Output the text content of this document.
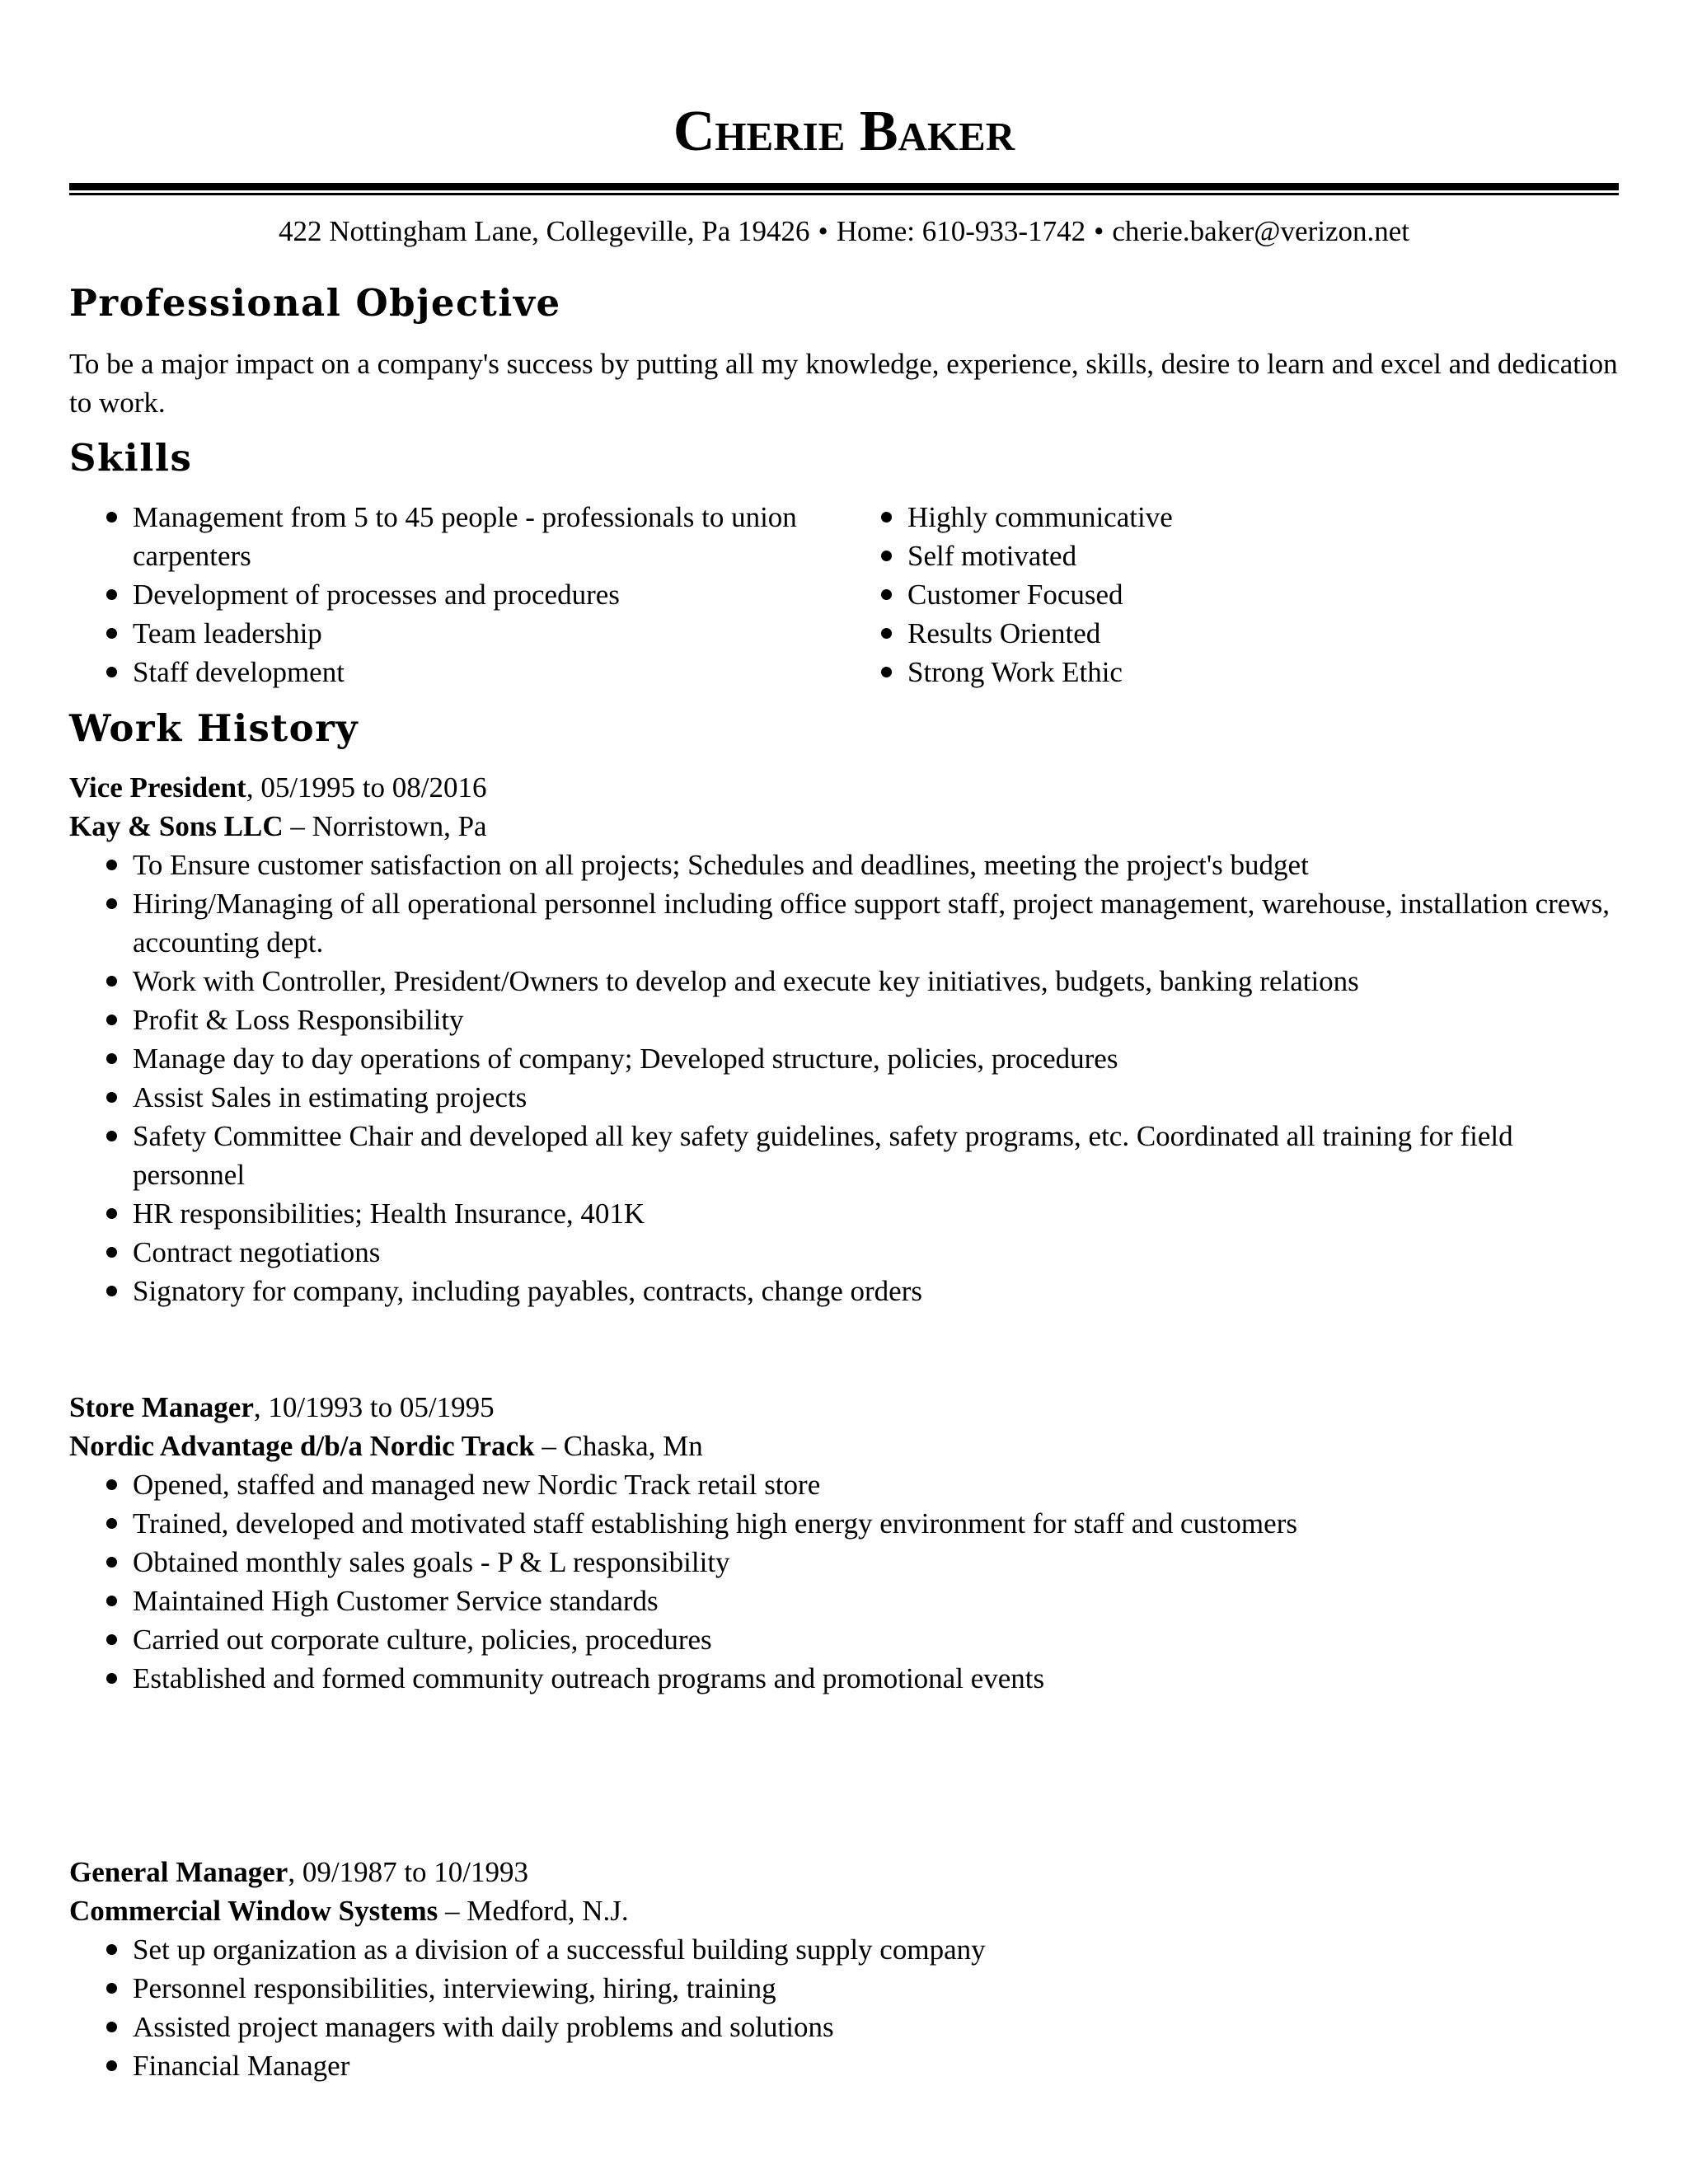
Cherie Baker
422 Nottingham Lane, Collegeville, Pa 19426 • Home: 610-933-1742 • cherie.baker@verizon.net
Professional Objective

To be a major impact on a company's success by putting all my knowledge, experience, skills, desire to learn and excel and dedication to work.

Skills
Management from 5 to 45 people - professionals to union carpenters
Development of processes and procedures
Team leadership
Staff development
Highly communicative
Self motivated
Customer Focused
Results Oriented
Strong Work Ethic
Work History
Vice President, 05/1995 to 08/2016
Kay & Sons LLC – Norristown, Pa
To Ensure customer satisfaction on all projects; Schedules and deadlines, meeting the project's budget
Hiring/Managing of all operational personnel including office support staff, project management, warehouse, installation crews, accounting dept.
Work with Controller, President/Owners to develop and execute key initiatives, budgets, banking relations
Profit & Loss Responsibility
Manage day to day operations of company; Developed structure, policies, procedures
Assist Sales in estimating projects
Safety Committee Chair and developed all key safety guidelines, safety programs, etc. Coordinated all training for field personnel
HR responsibilities; Health Insurance, 401K
Contract negotiations
Signatory for company, including payables, contracts, change orders
Store Manager, 10/1993 to 05/1995
Nordic Advantage d/b/a Nordic Track – Chaska, Mn
Opened, staffed and managed new Nordic Track retail store
Trained, developed and motivated staff establishing high energy environment for staff and customers
Obtained monthly sales goals - P & L responsibility
Maintained High Customer Service standards
Carried out corporate culture, policies, procedures
Established and formed community outreach programs and promotional events
General Manager, 09/1987 to 10/1993
Commercial Window Systems – Medford, N.J.
Set up organization as a division of a successful building supply company
Personnel responsibilities, interviewing, hiring, training
Assisted project managers with daily problems and solutions
Financial Manager
